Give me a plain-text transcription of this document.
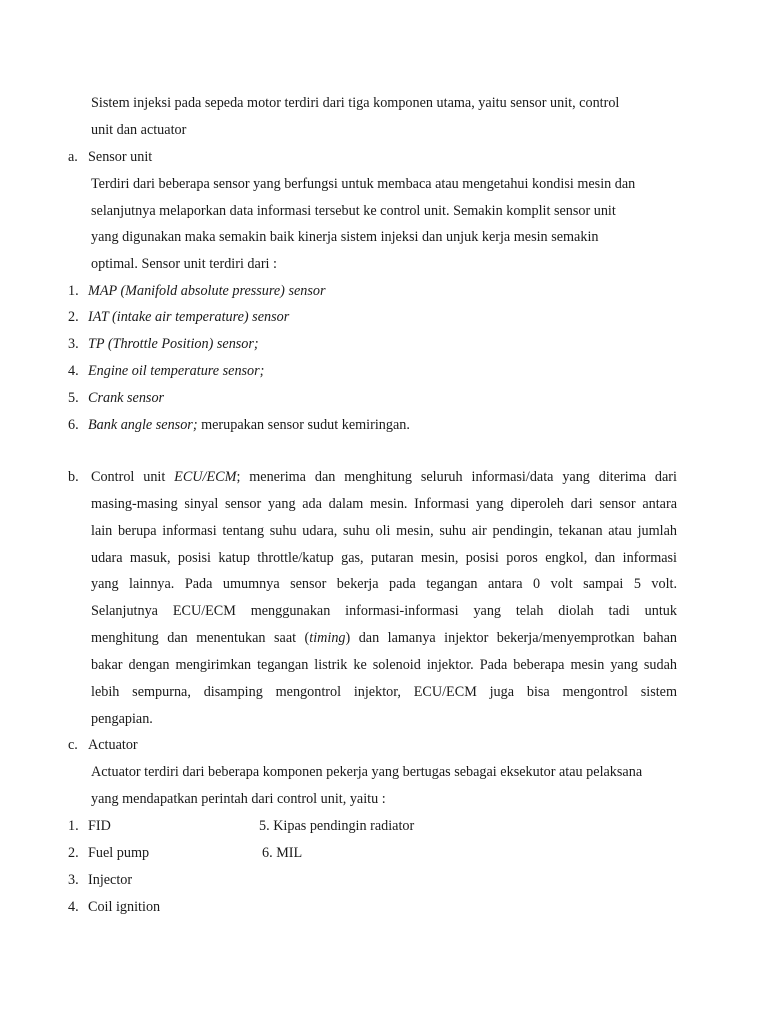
Sistem injeksi pada sepeda motor terdiri dari tiga komponen utama, yaitu sensor unit, control
unit dan actuator
a. Sensor unit
Terdiri dari beberapa sensor yang berfungsi untuk membaca atau mengetahui kondisi mesin dan
selanjutnya melaporkan data informasi tersebut ke control unit. Semakin komplit sensor unit
yang digunakan maka semakin baik kinerja sistem injeksi dan unjuk kerja mesin semakin
optimal. Sensor unit terdiri dari :
1. MAP (Manifold absolute pressure) sensor
2. IAT (intake air temperature) sensor
3. TP (Throttle Position) sensor;
4. Engine oil temperature sensor;
5. Crank sensor
6. Bank angle sensor; merupakan sensor sudut kemiringan.
b. Control unit ECU/ECM; menerima dan menghitung seluruh informasi/data yang diterima dari
masing-masing sinyal sensor yang ada dalam mesin. Informasi yang diperoleh dari sensor antara
lain berupa informasi tentang suhu udara, suhu oli mesin, suhu air pendingin, tekanan atau jumlah
udara masuk, posisi katup throttle/katup gas, putaran mesin, posisi poros engkol, dan informasi
yang lainnya. Pada umumnya sensor bekerja pada tegangan antara 0 volt sampai 5 volt.
Selanjutnya ECU/ECM menggunakan informasi-informasi yang telah diolah tadi untuk
menghitung dan menentukan saat (timing) dan lamanya injektor bekerja/menyemprotkan bahan
bakar dengan mengirimkan tegangan listrik ke solenoid injektor. Pada beberapa mesin yang sudah
lebih sempurna, disamping mengontrol injektor, ECU/ECM juga bisa mengontrol sistem
pengapian.
c. Actuator
Actuator terdiri dari beberapa komponen pekerja yang bertugas sebagai eksekutor atau pelaksana
yang mendapatkan perintah dari control unit, yaitu :
1. FID	5. Kipas pendingin radiator
2. Fuel pump	6. MIL
3. Injector
4. Coil ignition
